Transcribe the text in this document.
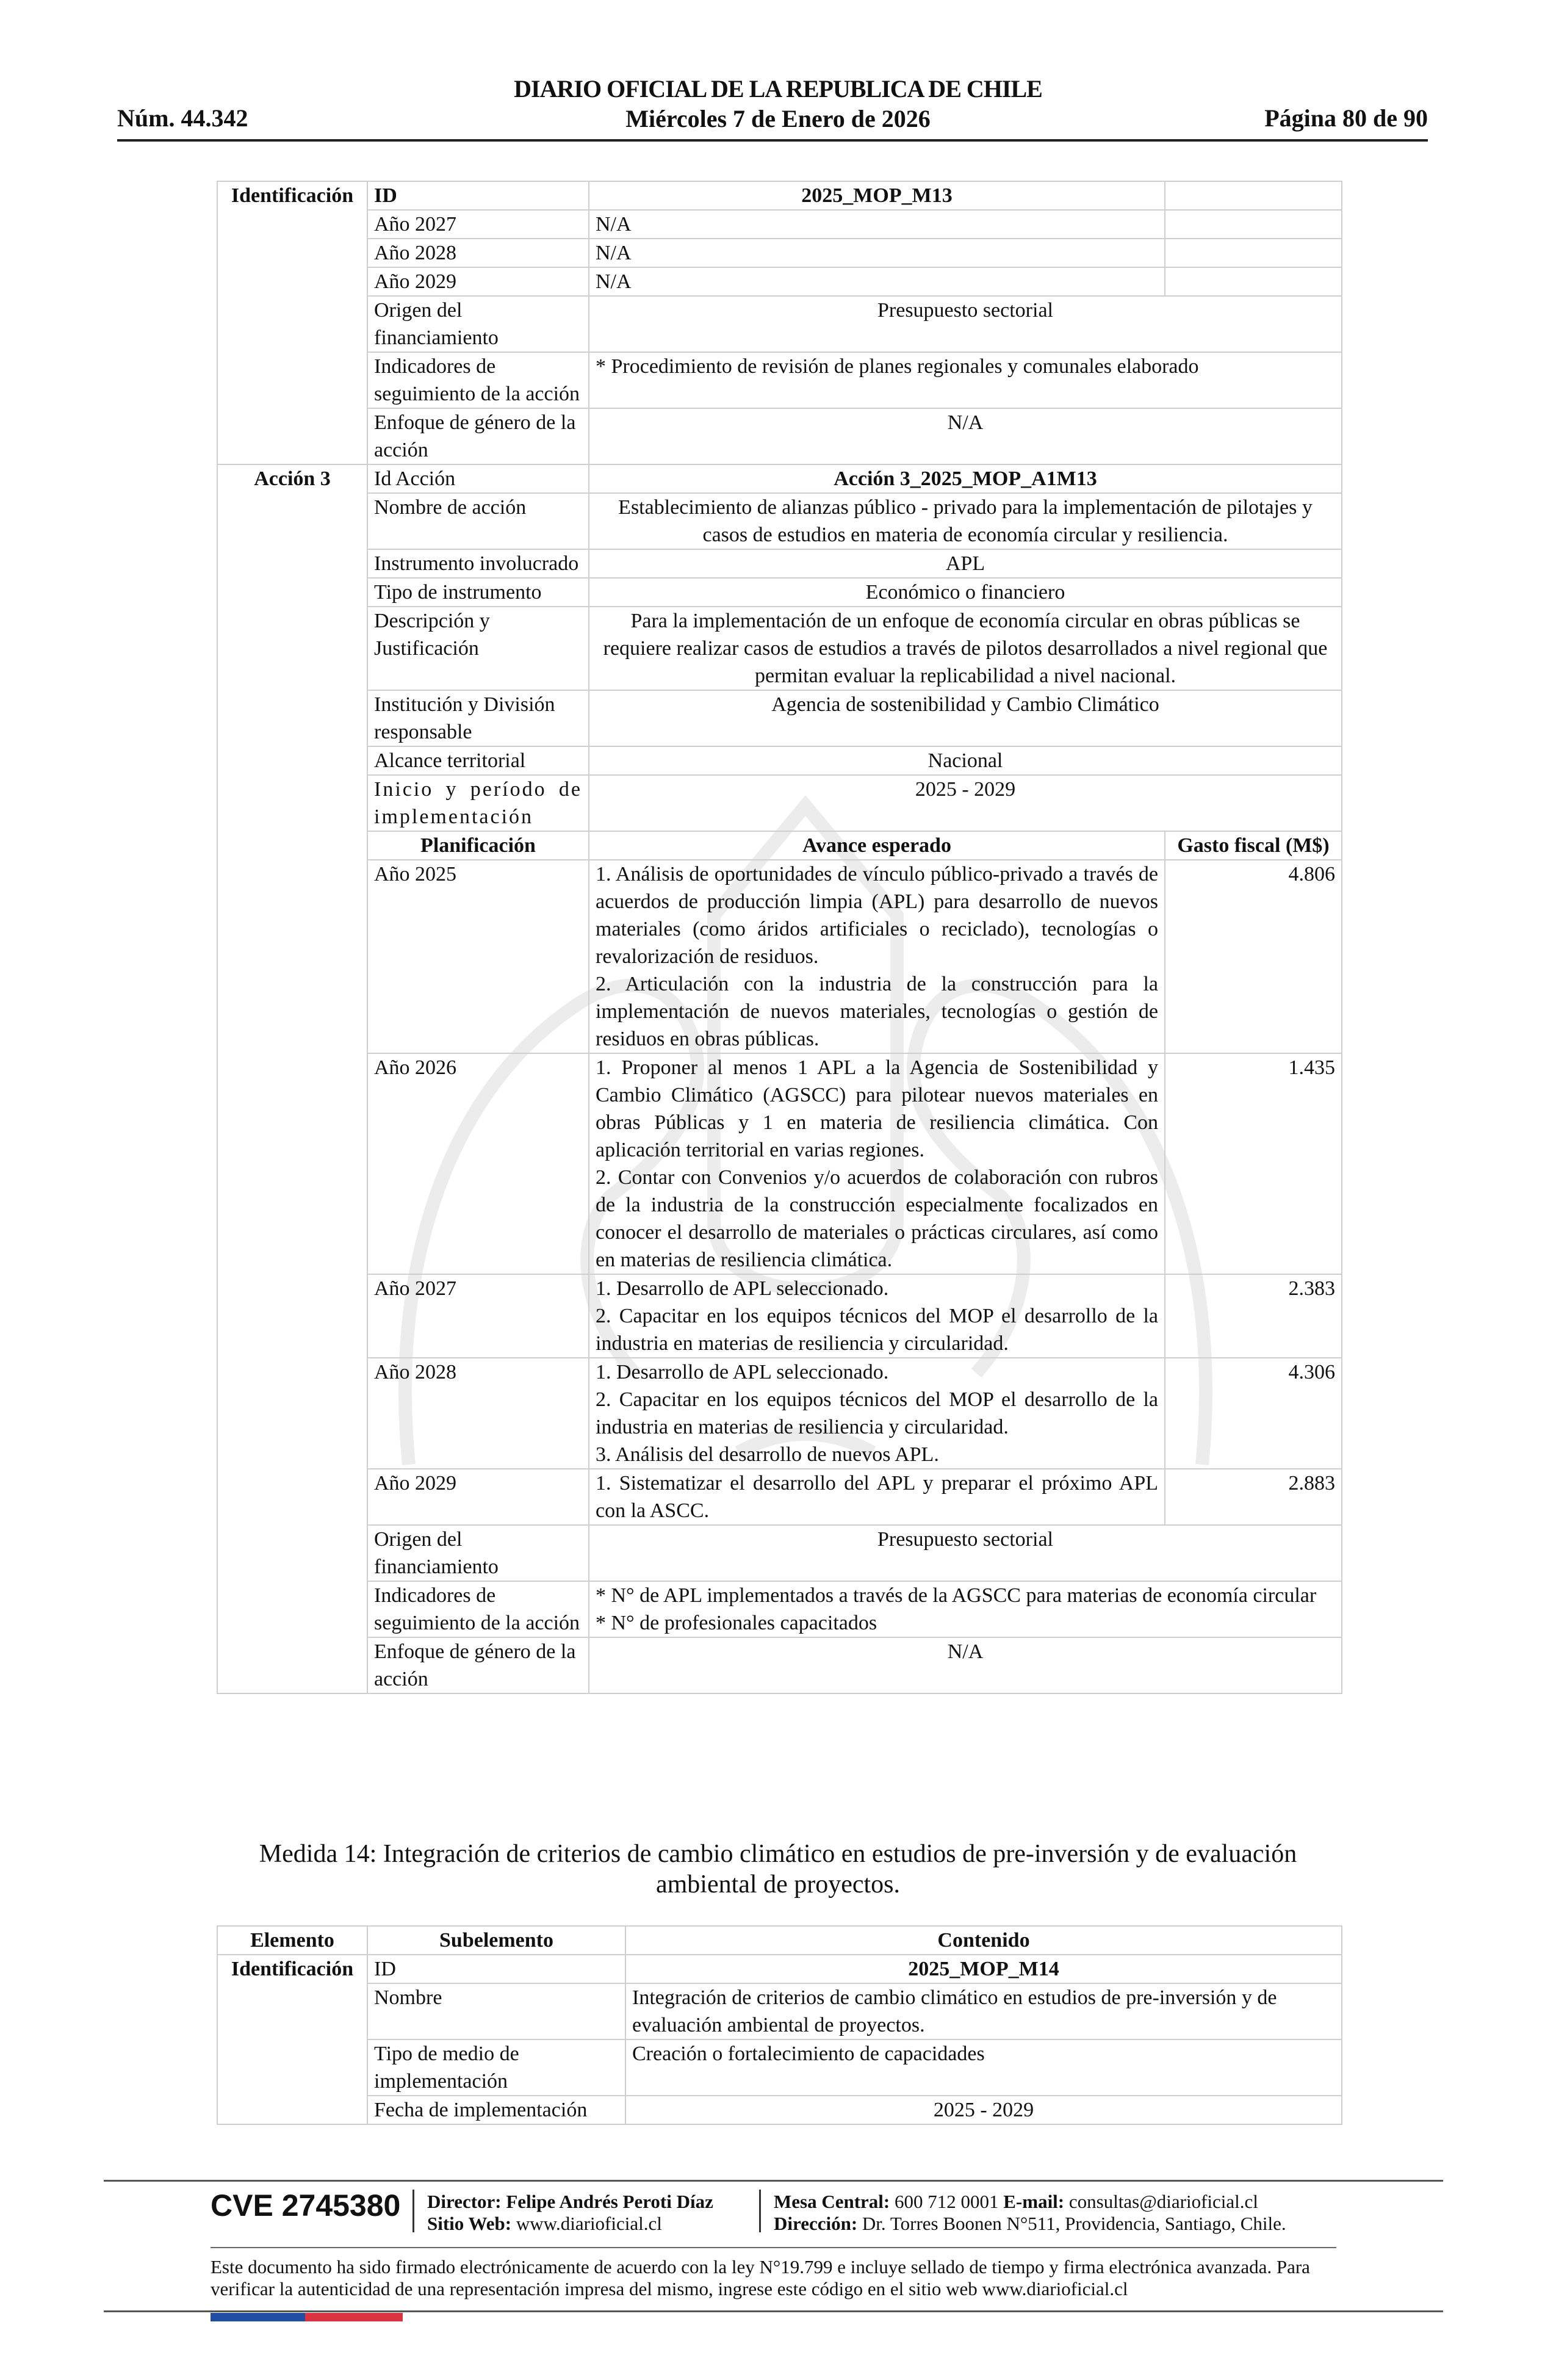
Núm. 44.342
DIARIO OFICIAL DE LA REPUBLICA DE CHILE
Miércoles 7 de Enero de 2026	Página 80 de 90
Identificación	ID	2025_MOP_M13	
	Año 2027	N/A	
	Año 2028	N/A	
	Año 2029	N/A	
	Origen del financiamiento	Presupuesto sectorial	
	Indicadores de seguimiento de la acción	* Procedimiento de revisión de planes regionales y comunales elaborado	
	Enfoque de género de la acción	N/A	
Acción 3	Id Acción	Acción 3_2025_MOP_A1M13	
	Nombre de acción	Establecimiento de alianzas público - privado para la implementación de pilotajes y casos de estudios en materia de economía circular y resiliencia.	
	Instrumento involucrado	APL	
	Tipo de instrumento	Económico o financiero	
	Descripción y Justificación	Para la implementación de un enfoque de economía circular en obras públicas se requiere realizar casos de estudios a través de pilotos desarrollados a nivel regional que permitan evaluar la replicabilidad a nivel nacional.	
	Institución y División responsable	Agencia de sostenibilidad y Cambio Climático	
	Alcance territorial	Nacional	
	Inicio y período de implementación	2025 - 2029	
	Planificación	Avance esperado	Gasto fiscal (M$)
	Año 2025	1. Análisis de oportunidades de vínculo público-privado a través de acuerdos de producción limpia (APL) para desarrollo de nuevos materiales (como áridos artificiales o reciclado), tecnologías o revalorización de residuos.
2. Articulación con la industria de la construcción para la implementación de nuevos materiales, tecnologías o gestión de residuos en obras públicas.	4.806
	Año 2026	1. Proponer al menos 1 APL a la Agencia de Sostenibilidad y Cambio Climático (AGSCC) para pilotear nuevos materiales en obras Públicas y 1 en materia de resiliencia climática. Con aplicación territorial en varias regiones.
2. Contar con Convenios y/o acuerdos de colaboración con rubros de la industria de la construcción especialmente focalizados en conocer el desarrollo de materiales o prácticas circulares, así como en materias de resiliencia climática.	1.435
	Año 2027	1. Desarrollo de APL seleccionado.
2. Capacitar en los equipos técnicos del MOP el desarrollo de la industria en materias de resiliencia y circularidad.	2.383
	Año 2028	1. Desarrollo de APL seleccionado.
2. Capacitar en los equipos técnicos del MOP el desarrollo de la industria en materias de resiliencia y circularidad.
3. Análisis del desarrollo de nuevos APL.	4.306
	Año 2029	1. Sistematizar el desarrollo del APL y preparar el próximo APL con la ASCC.	2.883
	Origen del financiamiento	Presupuesto sectorial	
	Indicadores de seguimiento de la acción	* N° de APL implementados a través de la AGSCC para materias de economía circular
* N° de profesionales capacitados	

	Enfoque de género de la acción	N/A	
Medida 14: Integración de criterios de cambio climático en estudios de pre-inversión y de evaluación ambiental de proyectos.
Elemento	Subelemento	Contenido
Identificación	ID	2025_MOP_M14
	Nombre	Integración de criterios de cambio climático en estudios de pre-inversión y de evaluación ambiental de proyectos.
	Tipo de medio de implementación	Creación o fortalecimiento de capacidades
	Fecha de implementación	2025 - 2029
CVE 2745380 Director: Felipe Andrés Peroti Díaz
Sitio Web: www.diarioficial.cl
Mesa Central: 600 712 0001 E-mail: consultas@diarioficial.cl
Dirección: Dr. Torres Boonen N°511, Providencia, Santiago, Chile.
Este documento ha sido firmado electrónicamente de acuerdo con la ley N°19.799 e incluye sellado de tiempo y firma electrónica avanzada. Para verificar la autenticidad de una representación impresa del mismo, ingrese este código en el sitio web www.diarioficial.cl
